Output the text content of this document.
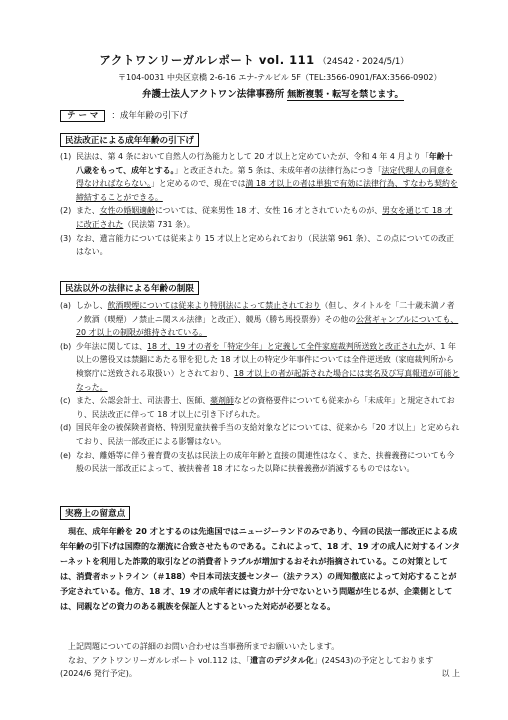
アクトワンリーガルレポート vol. 111 （24S42・2024/5/1）
〒104-0031 中央区京橋 2-6-16 エナ-テルビル 5F（TEL:3566-0901/FAX:3566-0902）
弁護士法人アクトワン法律事務所 無断複製・転写を禁じます。
テ ー マ ：成年年齢の引下げ
民法改正による成年年齢の引下げ
(1) 民法は、第 4 条において自然人の行為能力として 20 才以上と定めていたが、令和 4 年 4 月より「年齢十八歳をもって、成年とする。」と改正された。第 5 条は、未成年者の法律行為につき「法定代理人の同意を得なければならない。」と定めるので、現在では満 18 才以上の者は単独で有効に法律行為、すなわち契約を締結することができる。
(2) また、女性の婚姻適齢については、従来男性 18 才、女性 16 才とされていたものが、男女を通じて 18 才に改正された（民法第 731 条）。
(3) なお、遺言能力については従来より 15 才以上と定められており（民法第 961 条）、この点についての改正はない。
民法以外の法律による年齢の制限
(a) しかし、飲酒喫煙については従来より特別法によって禁止されており（但し、タイトルを「二十歳未満ノ者ノ飲酒（喫煙）ノ禁止ニ関スル法律」と改正）、競馬（勝ち馬投票券）その他の公営ギャンブルについても、20 才以上の制限が維持されている。
(b) 少年法に関しては、18 才、19 才の者を「特定少年」と定義して全件家庭裁判所送致と改正されたが、1 年以上の懲役又は禁錮にあたる罪を犯した 18 才以上の特定少年事件については全件逆送致（家庭裁判所から検察庁に送致される取扱い）とされており、18 才以上の者が起訴された場合には実名及び写真報道が可能となった。
(c) また、公認会計士、司法書士、医師、薬剤師などの資格要件についても従来から「未成年」と規定されており、民法改正に伴って 18 才以上に引き下げられた。
(d) 国民年金の被保険者資格、特別児童扶養手当の支給対象などについては、従来から「20 才以上」と定められており、民法一部改正による影響はない。
(e) なお、離婚等に伴う養育費の支払は民法上の成年年齢と直接の関連性はなく、また、扶養義務についても今般の民法一部改正によって、被扶養者 18 才になった以降に扶養義務が消滅するものではない。
実務上の留意点
現在、成年年齢を 20 才とするのは先進国ではニュージーランドのみであり、今回の民法一部改正による成年年齢の引下げは国際的な潮流に合致させたものである。これによって、18 才、19 才の成人に対するインターネットを利用した詐欺的取引などの消費者トラブルが増加するおそれが指摘されている。この対策としては、消費者ホットライン（＃188）や日本司法支援センター（法テラス）の周知徹底によって対応することが予定されている。他方、18 才、19 才の成年者には資力が十分でないという問題が生じるが、企業側としては、同親などの資力のある親族を保証人とするといった対応が必要となる。
上記問題についての詳細のお問い合わせは当事務所までお願いいたします。
なお、アクトワンリーガルレポート vol.112 は、「遺言のデジタル化」(24S43)の予定としております(2024/6 発行予定)。	以 上
